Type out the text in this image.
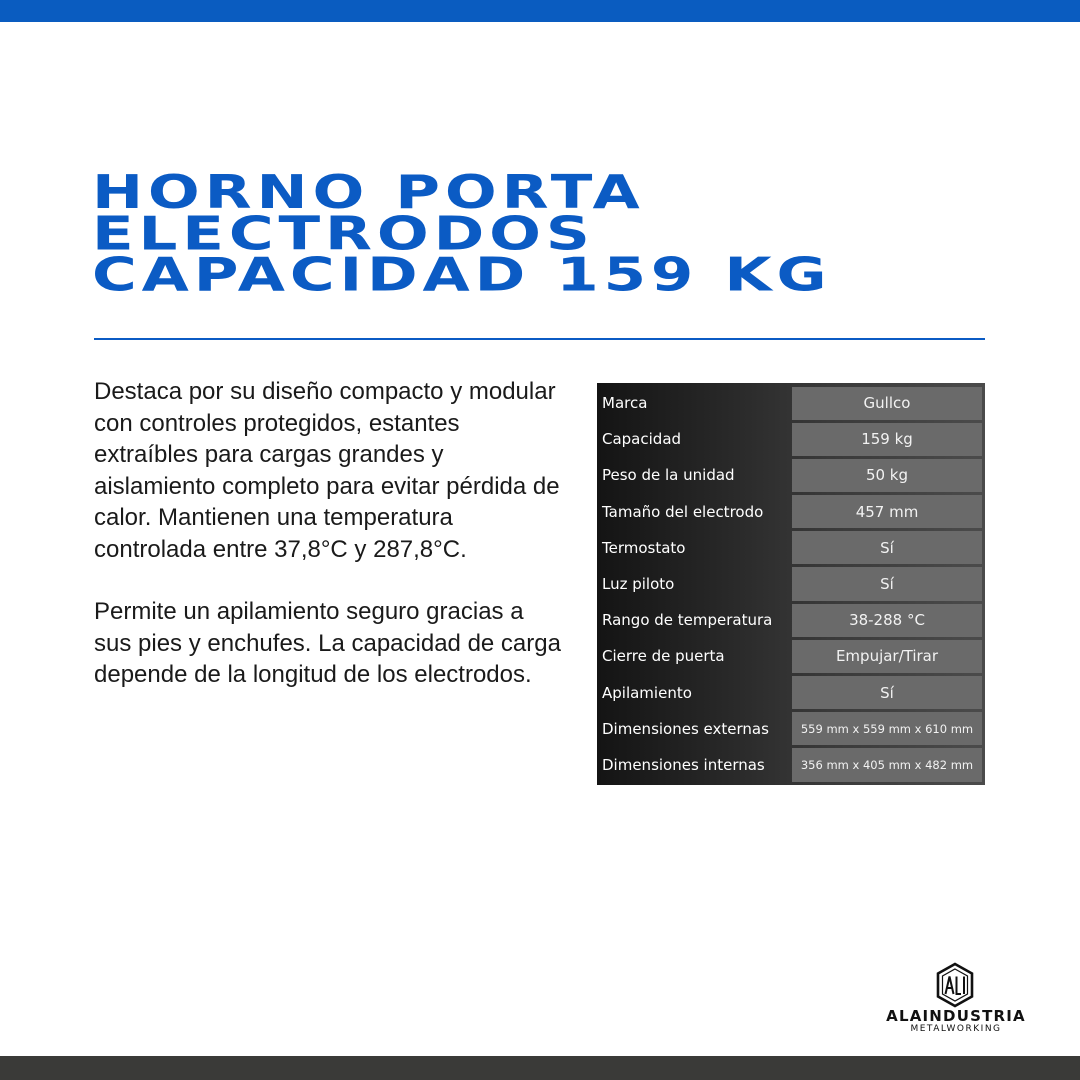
HORNO PORTA
ELECTRODOS
CAPACIDAD 159 KG

Destaca por su diseño compacto y modular con controles protegidos, estantes extraíbles para cargas grandes y aislamiento completo para evitar pérdida de calor. Mantienen una temperatura controlada entre 37,8°C y 287,8°C.

Permite un apilamiento seguro gracias a sus pies y enchufes. La capacidad de carga depende de la longitud de los electrodos.

Marca	Gullco
Capacidad	159 kg
Peso de la unidad	50 kg
Tamaño del electrodo	457 mm
Termostato	Sí
Luz piloto	Sí
Rango de temperatura	38-288 °C
Cierre de puerta	Empujar/Tirar
Apilamiento	Sí
Dimensiones externas	559 mm x 559 mm x 610 mm
Dimensiones internas	356 mm x 405 mm x 482 mm
ALAINDUSTRIA
METALWORKING
